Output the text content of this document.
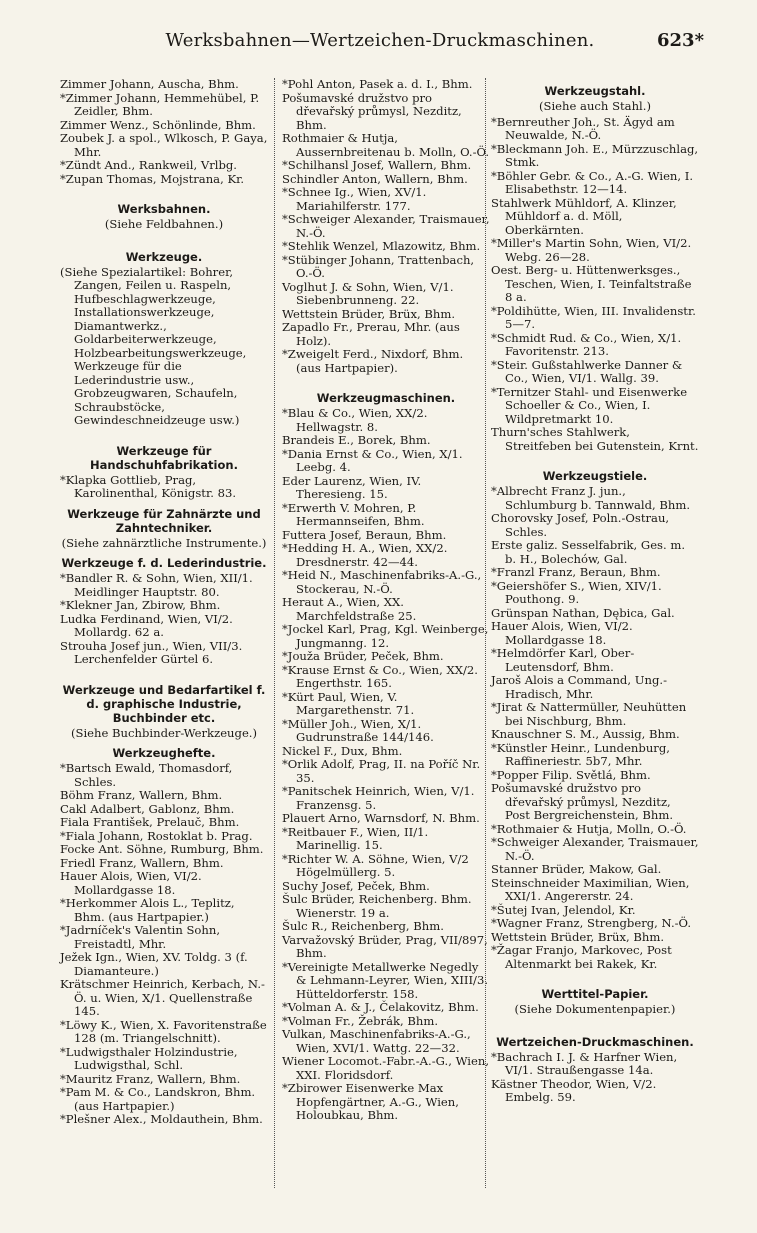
Werksbahnen—Wertzeichen-Druckmaschinen.	623*
Zimmer Johann, Auscha, Bhm.
*Zimmer Johann, Hemmehübel, P. Zeidler, Bhm.
Zimmer Wenz., Schönlinde, Bhm.
Zoubek J. a spol., Wlkosch, P. Gaya, Mhr.
*Zündt And., Rankweil, Vrlbg.
*Zupan Thomas, Mojstrana, Kr.
Werksbahnen.
(Siehe Feldbahnen.)
Werkzeuge.
(Siehe Spezialartikel: Bohrer, Zangen, Feilen u. Raspeln, Hufbeschlagwerkzeuge, Installationswerkzeuge, Diamantwerkz., Goldarbeiterwerkzeuge, Holzbearbeitungswerkzeuge, Werkzeuge für die Lederindustrie usw., Grobzeugwaren, Schaufeln, Schraubstöcke, Gewindeschneidzeuge usw.)
Werkzeuge für Handschuhfabrikation.
*Klapka Gottlieb, Prag, Karolinenthal, Königstr. 83.
Werkzeuge für Zahnärzte und Zahntechniker.
(Siehe zahnärztliche Instrumente.)
Werkzeuge f. d. Lederindustrie.
*Bandler R. & Sohn, Wien, XII/1. Meidlinger Hauptstr. 80.
*Klekner Jan, Zbirow, Bhm.
Ludka Ferdinand, Wien, VI/2. Mollardg. 62 a.
Strouha Josef jun., Wien, VII/3. Lerchenfelder Gürtel 6.
Werkzeuge und Bedarfartikel f. d. graphische Industrie, Buchbinder etc.
(Siehe Buchbinder-Werkzeuge.)
Werkzeughefte.
*Bartsch Ewald, Thomasdorf, Schles.
Böhm Franz, Wallern, Bhm.
Cakl Adalbert, Gablonz, Bhm.
Fiala František, Prelauč, Bhm.
*Fiala Johann, Rostoklat b. Prag.
Focke Ant. Söhne, Rumburg, Bhm.
Friedl Franz, Wallern, Bhm.
Hauer Alois, Wien, VI/2. Mollardgasse 18.
*Herkommer Alois L., Teplitz, Bhm. (aus Hartpapier.)
*Jadrníček's Valentin Sohn, Freistadtl, Mhr.
Ježek Ign., Wien, XV. Toldg. 3 (f. Diamanteure.)
Krätschmer Heinrich, Kerbach, N.-Ö. u. Wien, X/1. Quellenstraße 145.
*Löwy K., Wien, X. Favoritenstraße 128 (m. Triangelschnitt).
*Ludwigsthaler Holzindustrie, Ludwigsthal, Schl.
*Mauritz Franz, Wallern, Bhm.
*Pam M. & Co., Landskron, Bhm. (aus Hartpapier.)
*Plešner Alex., Moldauthein, Bhm.
*Pohl Anton, Pasek a. d. I., Bhm.
Pošumavské družstvo pro dřevařský průmysl, Nezditz, Bhm.
Rothmaier & Hutja, Aussernbreitenau b. Molln, O.-Ö.
*Schilhansl Josef, Wallern, Bhm.
Schindler Anton, Wallern, Bhm.
*Schnee Ig., Wien, XV/1. Mariahilferstr. 177.
*Schweiger Alexander, Traismauer, N.-Ö.
*Stehlik Wenzel, Mlazowitz, Bhm.
*Stübinger Johann, Trattenbach, O.-Ö.
Voglhut J. & Sohn, Wien, V/1. Siebenbrunneng. 22.
Wettstein Brüder, Brüx, Bhm.
Zapadlo Fr., Prerau, Mhr. (aus Holz).
*Zweigelt Ferd., Nixdorf, Bhm. (aus Hartpapier).
Werkzeugmaschinen.
*Blau & Co., Wien, XX/2. Hellwagstr. 8.
Brandeis E., Borek, Bhm.
*Dania Ernst & Co., Wien, X/1. Leebg. 4.
Eder Laurenz, Wien, IV. Theresieng. 15.
*Erwerth V. Mohren, P. Hermannseifen, Bhm.
Futtera Josef, Beraun, Bhm.
*Hedding H. A., Wien, XX/2. Dresdnerstr. 42—44.
*Heid N., Maschinenfabriks-A.-G., Stockerau, N.-Ö.
Heraut A., Wien, XX. Marchfeldstraße 25.
*Jockel Karl, Prag, Kgl. Weinberge, Jungmanng. 12.
*Jouža Brüder, Peček, Bhm.
*Krause Ernst & Co., Wien, XX/2. Engerthstr. 165.
*Kürt Paul, Wien, V. Margarethenstr. 71.
*Müller Joh., Wien, X/1. Gudrunstraße 144/146.
Nickel F., Dux, Bhm.
*Orlik Adolf, Prag, II. na Poříč Nr. 35.
*Panitschek Heinrich, Wien, V/1. Franzensg. 5.
Plauert Arno, Warnsdorf, N. Bhm.
*Reitbauer F., Wien, II/1. Marinellig. 15.
*Richter W. A. Söhne, Wien, V/2 Högelmüllerg. 5.
Suchy Josef, Peček, Bhm.
Šulc Brüder, Reichenberg. Bhm. Wienerstr. 19 a.
Šulc R., Reichenberg, Bhm.
Varvažovský Brüder, Prag, VII/897, Bhm.
*Vereinigte Metallwerke Negedly & Lehmann-Leyrer, Wien, XIII/3. Hütteldorferstr. 158.
*Volman A. & J., Čelakovitz, Bhm.
*Volman Fr., Žebrák, Bhm.
Vulkan, Maschinenfabriks-A.-G., Wien, XVI/1. Wattg. 22—32.
Wiener Locomot.-Fabr.-A.-G., Wien, XXI. Floridsdorf.
*Zbirower Eisenwerke Max Hopfengärtner, A.-G., Wien, Holoubkau, Bhm.
Werkzeugstahl.
(Siehe auch Stahl.)
*Bernreuther Joh., St. Ägyd am Neuwalde, N.-Ö.
*Bleckmann Joh. E., Mürzzuschlag, Stmk.
*Böhler Gebr. & Co., A.-G. Wien, I. Elisabethstr. 12—14.
Stahlwerk Mühldorf, A. Klinzer, Mühldorf a. d. Möll, Oberkärnten.
*Miller's Martin Sohn, Wien, VI/2. Webg. 26—28.
Oest. Berg- u. Hüttenwerksges., Teschen, Wien, I. Teinfaltstraße 8 a.
*Poldihütte, Wien, III. Invalidenstr. 5—7.
*Schmidt Rud. & Co., Wien, X/1. Favoritenstr. 213.
*Steir. Gußstahlwerke Danner & Co., Wien, VI/1. Wallg. 39.
*Ternitzer Stahl- und Eisenwerke Schoeller & Co., Wien, I. Wildpretmarkt 10.
Thurn'sches Stahlwerk, Streitfeben bei Gutenstein, Krnt.
Werkzeugstiele.
*Albrecht Franz J. jun., Schlumburg b. Tannwald, Bhm.
Chorovsky Josef, Poln.-Ostrau, Schles.
Erste galiz. Sesselfabrik, Ges. m. b. H., Bolechów, Gal.
*Franzl Franz, Beraun, Bhm.
*Geiershöfer S., Wien, XIV/1. Pouthong. 9.
Grünspan Nathan, Dębica, Gal.
Hauer Alois, Wien, VI/2. Mollardgasse 18.
*Helmdörfer Karl, Ober-Leutensdorf, Bhm.
Jaroš Alois a Command, Ung.-Hradisch, Mhr.
*Jirat & Nattermüller, Neuhütten bei Nischburg, Bhm.
Knauschner S. M., Aussig, Bhm.
*Künstler Heinr., Lundenburg, Raffineriestr. 5b7, Mhr.
*Popper Filip. Světlá, Bhm.
Pošumavské družstvo pro dřevařský průmysl, Nezditz, Post Bergreichenstein, Bhm.
*Rothmaier & Hutja, Molln, O.-Ö.
*Schweiger Alexander, Traismauer, N.-Ö.
Stanner Brüder, Makow, Gal.
Steinschneider Maximilian, Wien, XXI/1. Angererstr. 24.
*Šutej Ivan, Jelendol, Kr.
*Wagner Franz, Strengberg, N.-Ö.
Wettstein Brüder, Brüx, Bhm.
*Žagar Franjo, Markovec, Post Altenmarkt bei Rakek, Kr.
Werttitel-Papier.
(Siehe Dokumentenpapier.)
Wertzeichen-Druckmaschinen.
*Bachrach I. J. & Harfner Wien, VI/1. Straußengasse 14a.
Kästner Theodor, Wien, V/2. Embelg. 59.
